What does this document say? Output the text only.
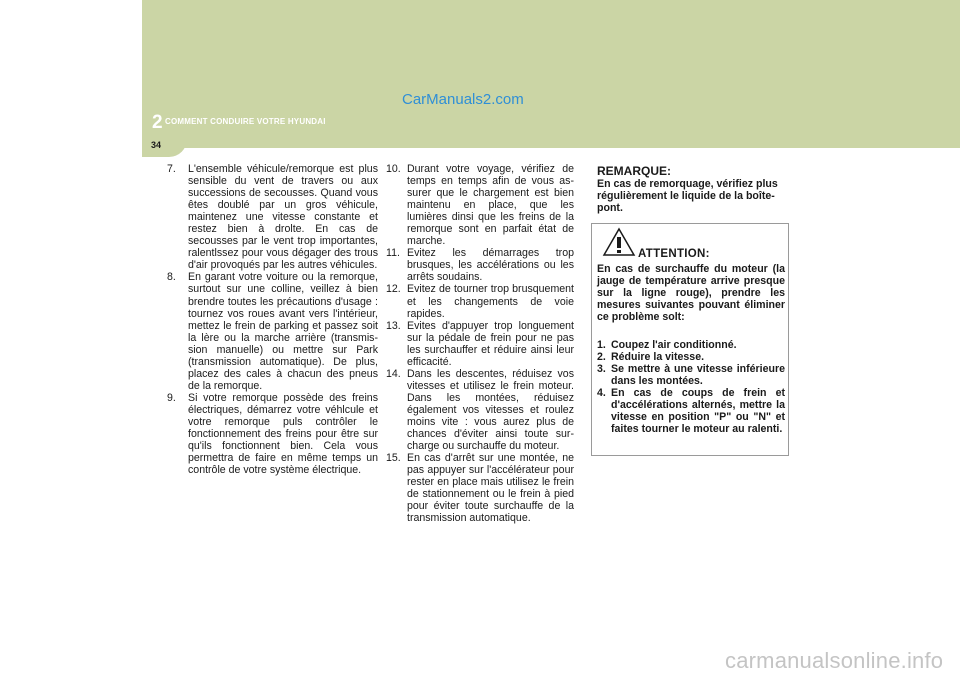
CarManuals2.com
2 COMMENT CONDUIRE VOTRE HYUNDAI
34
7. L'ensemble véhicule/remorque est plus sensible du vent de travers ou aux successions de secousses. Quand vous êtes doublé par un gros véhicule, maintenez une vitesse constante et restez bien à drolte. En cas de secousses par le vent trop importantes, ralentlssez pour vous dégager des trous d'air provoqués par les autres véhicules.
8. En garant votre voiture ou la remorque, surtout sur une colline, veillez à bien brendre toutes les précautions d'usage : tournez vos roues avant vers l'intérieur, mettez le frein de parking et passez soit la lère ou la marche arrière (transmis-sion manuelle) ou mettre sur Park (transmission automatique). De plus, placez des cales à chacun des pneus de la remorque.
9. Si votre remorque possède des freins électriques, démarrez votre véhlcule et votre remorque puls contrôler le fonctionnement des freins pour être sur qu'ils fonctionnent bien. Cela vous permettra de faire en même temps un contrôle de votre système électrique.
10. Durant votre voyage, vérifiez de temps en temps afin de vous as-surer que le chargement est bien maintenu en place, que les lumières dinsi que les freins de la remorque sont en parfait état de marche.
11. Evitez les démarrages trop brusques, les accélérations ou les arrêts soudains.
12. Evitez de tourner trop brusquement et les changements de voie rapides.
13. Evites d'appuyer trop longuement sur la pédale de frein pour ne pas les surchauffer et réduire ainsi leur efficacité.
14. Dans les descentes, réduisez vos vitesses et utilisez le frein moteur. Dans les montées, réduisez également vos vitesses et roulez moins vite : vous aurez plus de chances d'éviter ainsi toute sur-charge ou surchauffe du moteur.
15. En cas d'arrêt sur une montée, ne pas appuyer sur l'accélérateur pour rester en place mais utilisez le frein de stationnement ou le frein à pied pour éviter toute surchauffe de la transmission automatique.
REMARQUE:
En cas de remorquage, vérifiez plus régulièrement le liquide de la boîte-pont.
ATTENTION:
En cas de surchauffe du moteur (la jauge de température arrive presque sur la ligne rouge), prendre les mesures suivantes pouvant éliminer ce problème solt:
1. Coupez l'air conditionné.
2. Réduire la vitesse.
3. Se mettre à une vitesse inférieure dans les montées.
4. En cas de coups de frein et d'accélérations alternés, mettre la vitesse en position "P" ou "N" et faites tourner le moteur au ralenti.
carmanualsonline.info
